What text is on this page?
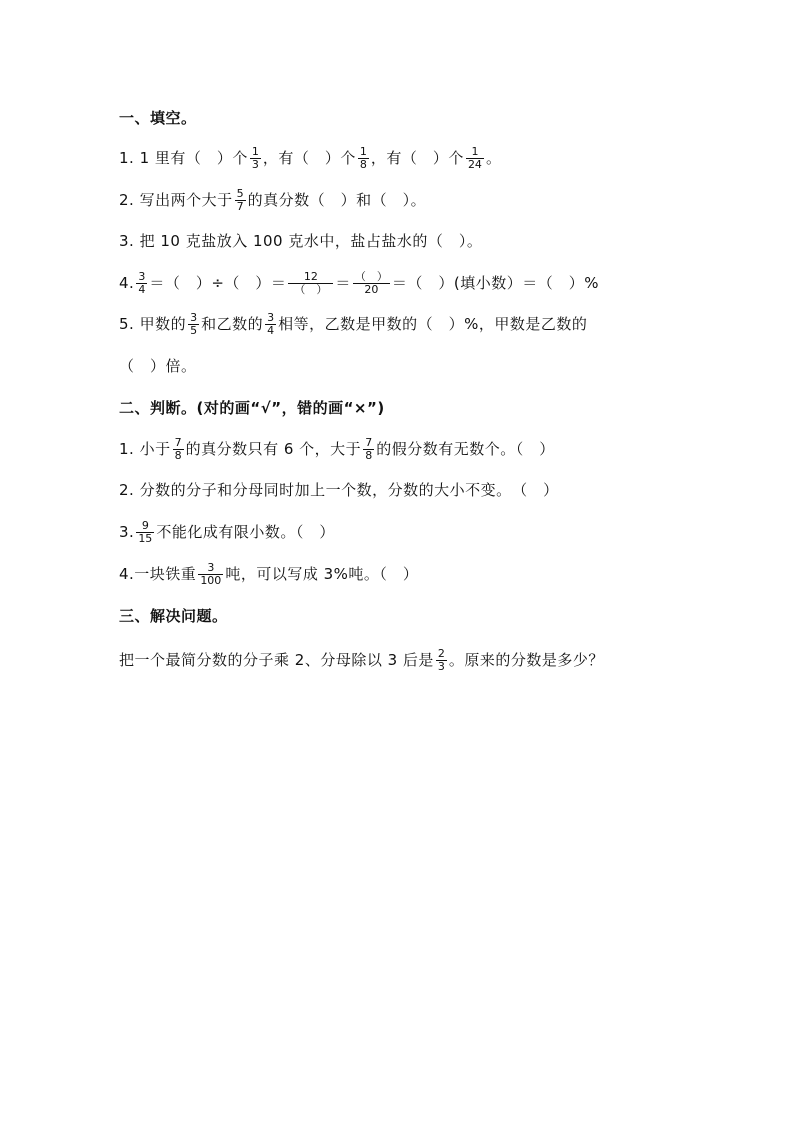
一、填空。
1. 1 里有（　）个 $\frac{1}{3}$ ，有（　）个 $\frac{1}{8}$ ，有（　）个 $\frac{1}{24}$ 。
2. 写出两个大于 $\frac{5}{7}$ 的真分数（　）和（　）。
3. 把 10 克盐放入 100 克水中，盐占盐水的（　）。
4. $\frac{3}{4}$ ＝（　）÷（　）＝ $\frac{12}{( )} = \frac{( )}{20}$ ＝（　）(填小数）＝（　）%
5. 甲数的 $\frac{3}{5}$ 和乙数的 $\frac{3}{4}$ 相等，乙数是甲数的（　）%，甲数是乙数的
（　）倍。
二、判断。(对的画“√”，错的画“×”)
1. 小于 $\frac{7}{8}$ 的真分数只有 6 个，大于 $\frac{7}{8}$ 的假分数有无数个。（　）
2. 分数的分子和分母同时加上一个数，分数的大小不变。　（　）
3. $\frac{9}{15}$ 不能化成有限小数。（　）
4.一块铁重 $\frac{3}{100}$ 吨，可以写成 3%吨。（　）
三、解决问题。
把一个最简分数的分子乘 2、分母除以 3 后是 $\frac{2}{3}$ 。原来的分数是多少？
